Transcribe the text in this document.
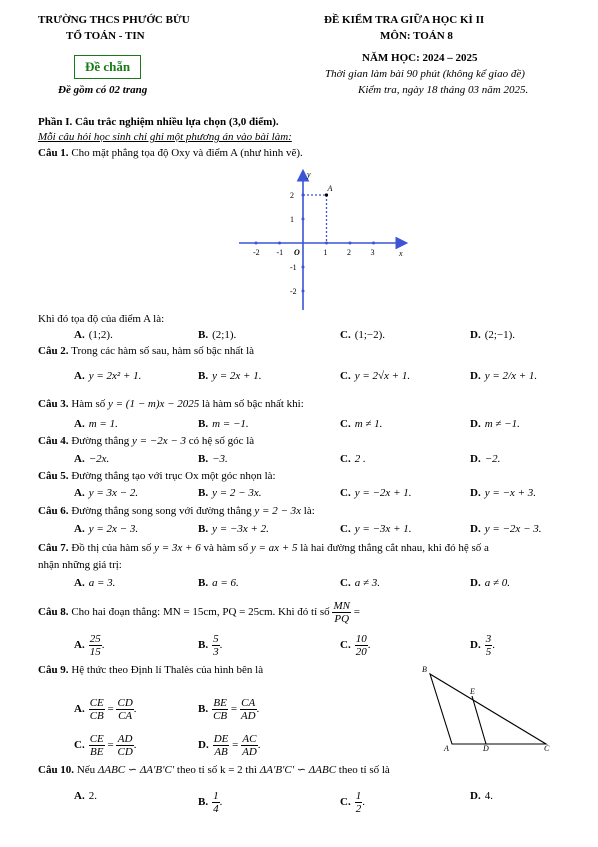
TRƯỜNG THCS PHƯỚC BỬU
TỔ TOÁN - TIN
Đề chẵn
Đề gồm có 02 trang
ĐỀ KIỂM TRA GIỮA HỌC KÌ II
MÔN: TOÁN 8
NĂM HỌC: 2024 – 2025
Thời gian làm bài 90 phút (không kể giao đề)
Kiểm tra, ngày 18 tháng 03 năm 2025.
Phần I. Câu trắc nghiệm nhiều lựa chọn (3,0 điểm).
Mỗi câu hỏi học sinh chỉ ghi một phương án vào bài làm:
Câu 1. Cho mặt phẳng tọa độ Oxy và điểm A (như hình vẽ).
-2 -1 O	1 2 3
2
1
-1
-2
A
x
y
Khi đó tọa độ của điểm A là:
Câu 2. Trong các hàm số sau, hàm số bậc nhất là
Câu 3. Hàm số y = (1 − m)x − 2025 là hàm số bậc nhất khi:
Câu 4. Đường thẳng y = −2x − 3 có hệ số góc là
Câu 5. Đường thẳng tạo với trục Ox một góc nhọn là:
Câu 6. Đường thẳng song song với đường thẳng y = 2 − 3x là:
Câu 7. Đồ thị của hàm số y = 3x + 6 và hàm số y = ax + 5 là hai đường thẳng cắt nhau, khi đó hệ số a
nhận những giá trị:
Câu 8. Cho hai đoạn thẳng: MN = 15cm, PQ = 25cm. Khi đó tỉ số $\frac{MN}{PQ}$ =
Câu 9. Hệ thức theo Định lí Thalès của hình bên là	B
E
A	D	C
Câu 10. Nếu ΔABC ∽ ΔA'B'C' theo tỉ số k = 2 thì ΔA'B'C' ∽ ΔABC theo tỉ số là
A. (1;2).	B. (2;1).	C. (1;−2).	D. (2;−1).
A. y = 2x² + 1.	B. y = 2x + 1.	C. y = 2√x + 1.	D. y = 2/x + 1.
A. m = 1.	B. m = −1.	C. m ≠ 1.	D. m ≠ −1.
A. −2x.	B. −3.	C. 2 .	D. −2.
A. y = 3x − 2.	B. y = 2 − 3x.	C. y = −2x + 1.	D. y = −x + 3.
A. y = 2x − 3.	B. y = −3x + 2.	C. y = −3x + 1.	D. y = −2x − 3.
A. a = 3.	B. a = 6.	C. a ≠ 3.	D. a ≠ 0.
A. $\frac{25}{15}$ .	B. $\frac{5}{3}$ .	C. $\frac{10}{20}$ .	D. $\frac{3}{5}$ .
A. $\frac{CE}{CB} = \frac{CD}{CA}$ .	B. $\frac{BE}{CB} = \frac{CA}{AD}$ .
C. $\frac{CE}{BE} = \frac{AD}{CD}$ .	D. $\frac{DE}{AB} = \frac{AC}{AD}$ .
A. 2.
B. $\frac{1}{4}$ .	C. $\frac{1}{2}$ .
D. 4.
